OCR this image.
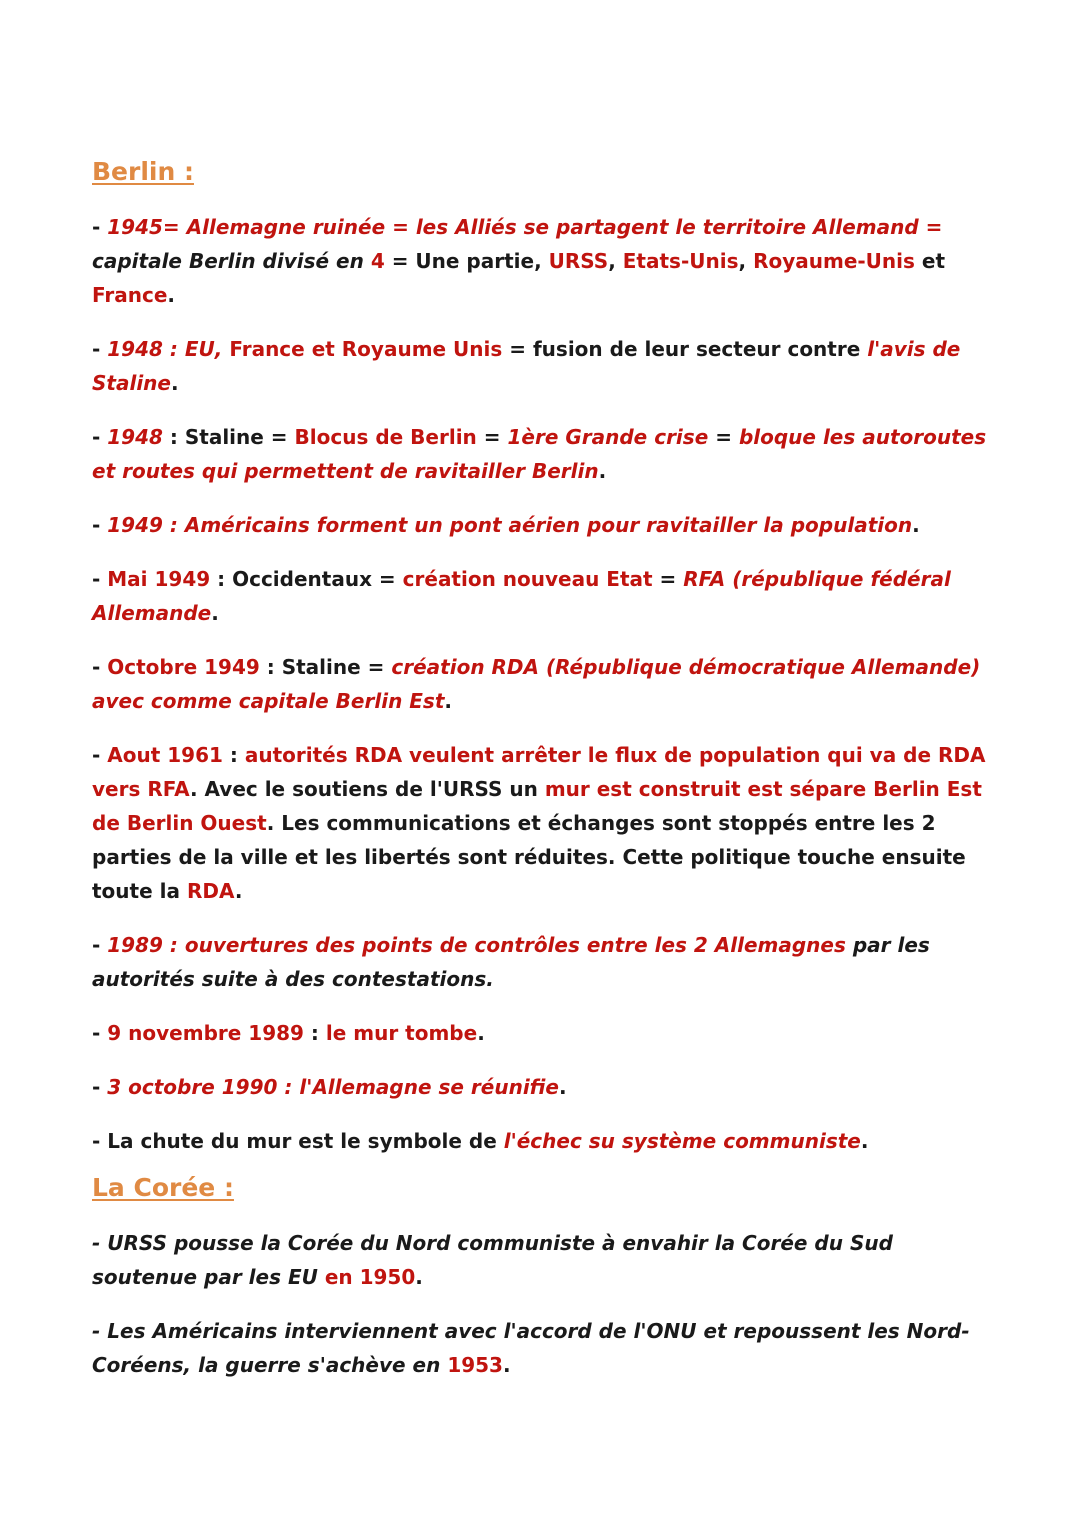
Berlin :

- 1945= Allemagne ruinée = les Alliés se partagent le territoire Allemand = capitale Berlin divisé en 4 = Une partie, URSS, Etats-Unis, Royaume-Unis et France.

- 1948 : EU, France et Royaume Unis = fusion de leur secteur contre l'avis de Staline.

- 1948 : Staline = Blocus de Berlin = 1ère Grande crise = bloque les autoroutes et routes qui permettent de ravitailler Berlin.

- 1949 : Américains forment un pont aérien pour ravitailler la population.

- Mai 1949 : Occidentaux = création nouveau Etat = RFA (république fédéral Allemande.

- Octobre 1949 : Staline = création RDA (République démocratique Allemande) avec comme capitale Berlin Est.

- Aout 1961 : autorités RDA veulent arrêter le flux de population qui va de RDA vers RFA. Avec le soutiens de l'URSS un mur est construit est sépare Berlin Est de Berlin Ouest. Les communications et échanges sont stoppés entre les 2 parties de la ville et les libertés sont réduites. Cette politique touche ensuite toute la RDA.

- 1989 : ouvertures des points de contrôles entre les 2 Allemagnes par les autorités suite à des contestations.

- 9 novembre 1989 : le mur tombe.

- 3 octobre 1990 : l'Allemagne se réunifie.

- La chute du mur est le symbole de l'échec su système communiste.

La Corée :

- URSS pousse la Corée du Nord communiste à envahir la Corée du Sud soutenue par les EU en 1950.

- Les Américains interviennent avec l'accord de l'ONU et repoussent les Nord-Coréens, la guerre s'achève en 1953.
